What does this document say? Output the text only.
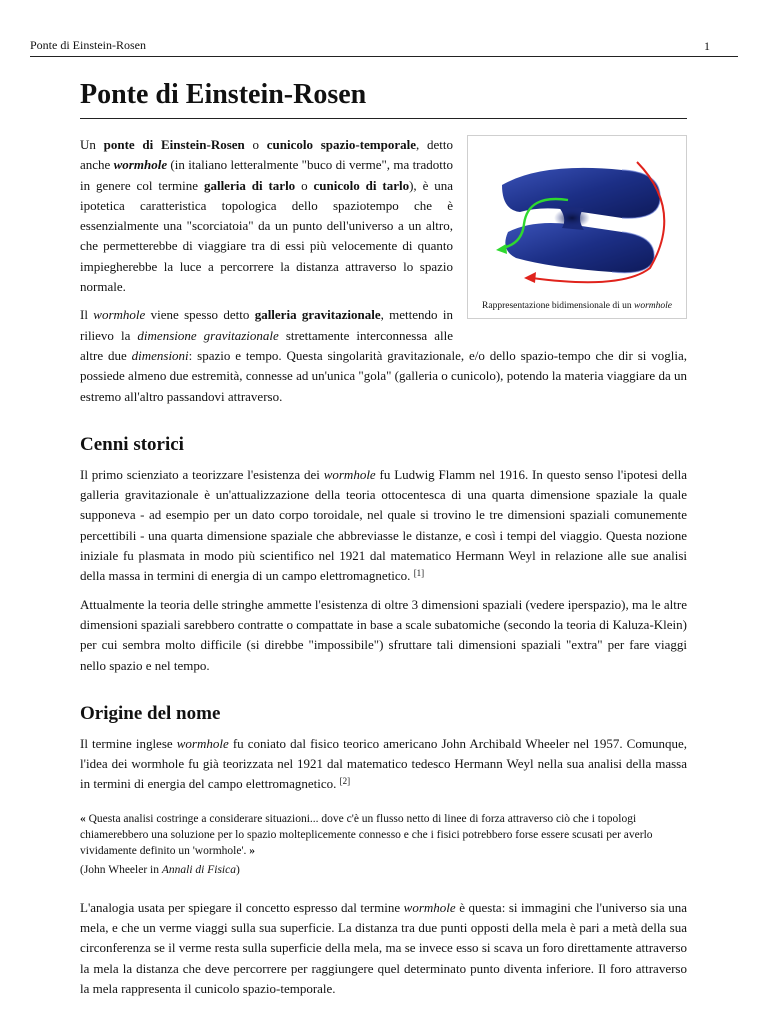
Ponte di Einstein-Rosen	1
Ponte di Einstein-Rosen
Rappresentazione bidimensionale di un wormhole

Un ponte di Einstein-Rosen o cunicolo spazio-temporale, detto anche wormhole (in italiano letteralmente "buco di verme", ma tradotto in genere col termine galleria di tarlo o cunicolo di tarlo), è una ipotetica caratteristica topologica dello spaziotempo che è essenzialmente una "scorciatoia" da un punto dell'universo a un altro, che permetterebbe di viaggiare tra di essi più velocemente di quanto impiegherebbe la luce a percorrere la distanza attraverso lo spazio normale.

Il wormhole viene spesso detto galleria gravitazionale, mettendo in rilievo la dimensione gravitazionale strettamente interconnessa alle altre due dimensioni: spazio e tempo. Questa singolarità gravitazionale, e/o dello spazio-tempo che dir si voglia, possiede almeno due estremità, connesse ad un'unica "gola" (galleria o cunicolo), potendo la materia viaggiare da un estremo all'altro passandovi attraverso.

Cenni storici

Il primo scienziato a teorizzare l'esistenza dei wormhole fu Ludwig Flamm nel 1916. In questo senso l'ipotesi della galleria gravitazionale è un'attualizzazione della teoria ottocentesca di una quarta dimensione spaziale la quale supponeva - ad esempio per un dato corpo toroidale, nel quale si trovino le tre dimensioni spaziali comunemente percettibili - una quarta dimensione spaziale che abbreviasse le distanze, e così i tempi del viaggio. Questa nozione iniziale fu plasmata in modo più scientifico nel 1921 dal matematico Hermann Weyl in relazione alle sue analisi della massa in termini di energia di un campo elettromagnetico. [1]

Attualmente la teoria delle stringhe ammette l'esistenza di oltre 3 dimensioni spaziali (vedere iperspazio), ma le altre dimensioni spaziali sarebbero contratte o compattate in base a scale subatomiche (secondo la teoria di Kaluza-Klein) per cui sembra molto difficile (si direbbe "impossibile") sfruttare tali dimensioni spaziali "extra" per fare viaggi nello spazio e nel tempo.

Origine del nome

Il termine inglese wormhole fu coniato dal fisico teorico americano John Archibald Wheeler nel 1957. Comunque, l'idea dei wormhole fu già teorizzata nel 1921 dal matematico tedesco Hermann Weyl nella sua analisi della massa in termini di energia del campo elettromagnetico. [2]

« Questa analisi costringe a considerare situazioni... dove c'è un flusso netto di linee di forza attraverso ciò che i topologi chiamerebbero una soluzione per lo spazio molteplicemente connesso e che i fisici potrebbero forse essere scusati per averlo vividamente definito un 'wormhole'. »
(John Wheeler in Annali di Fisica)

L'analogia usata per spiegare il concetto espresso dal termine wormhole è questa: si immagini che l'universo sia una mela, e che un verme viaggi sulla sua superficie. La distanza tra due punti opposti della mela è pari a metà della sua circonferenza se il verme resta sulla superficie della mela, ma se invece esso si scava un foro direttamente attraverso la mela la distanza che deve percorrere per raggiungere quel determinato punto diventa inferiore. Il foro attraverso la mela rappresenta il cunicolo spazio-temporale.
